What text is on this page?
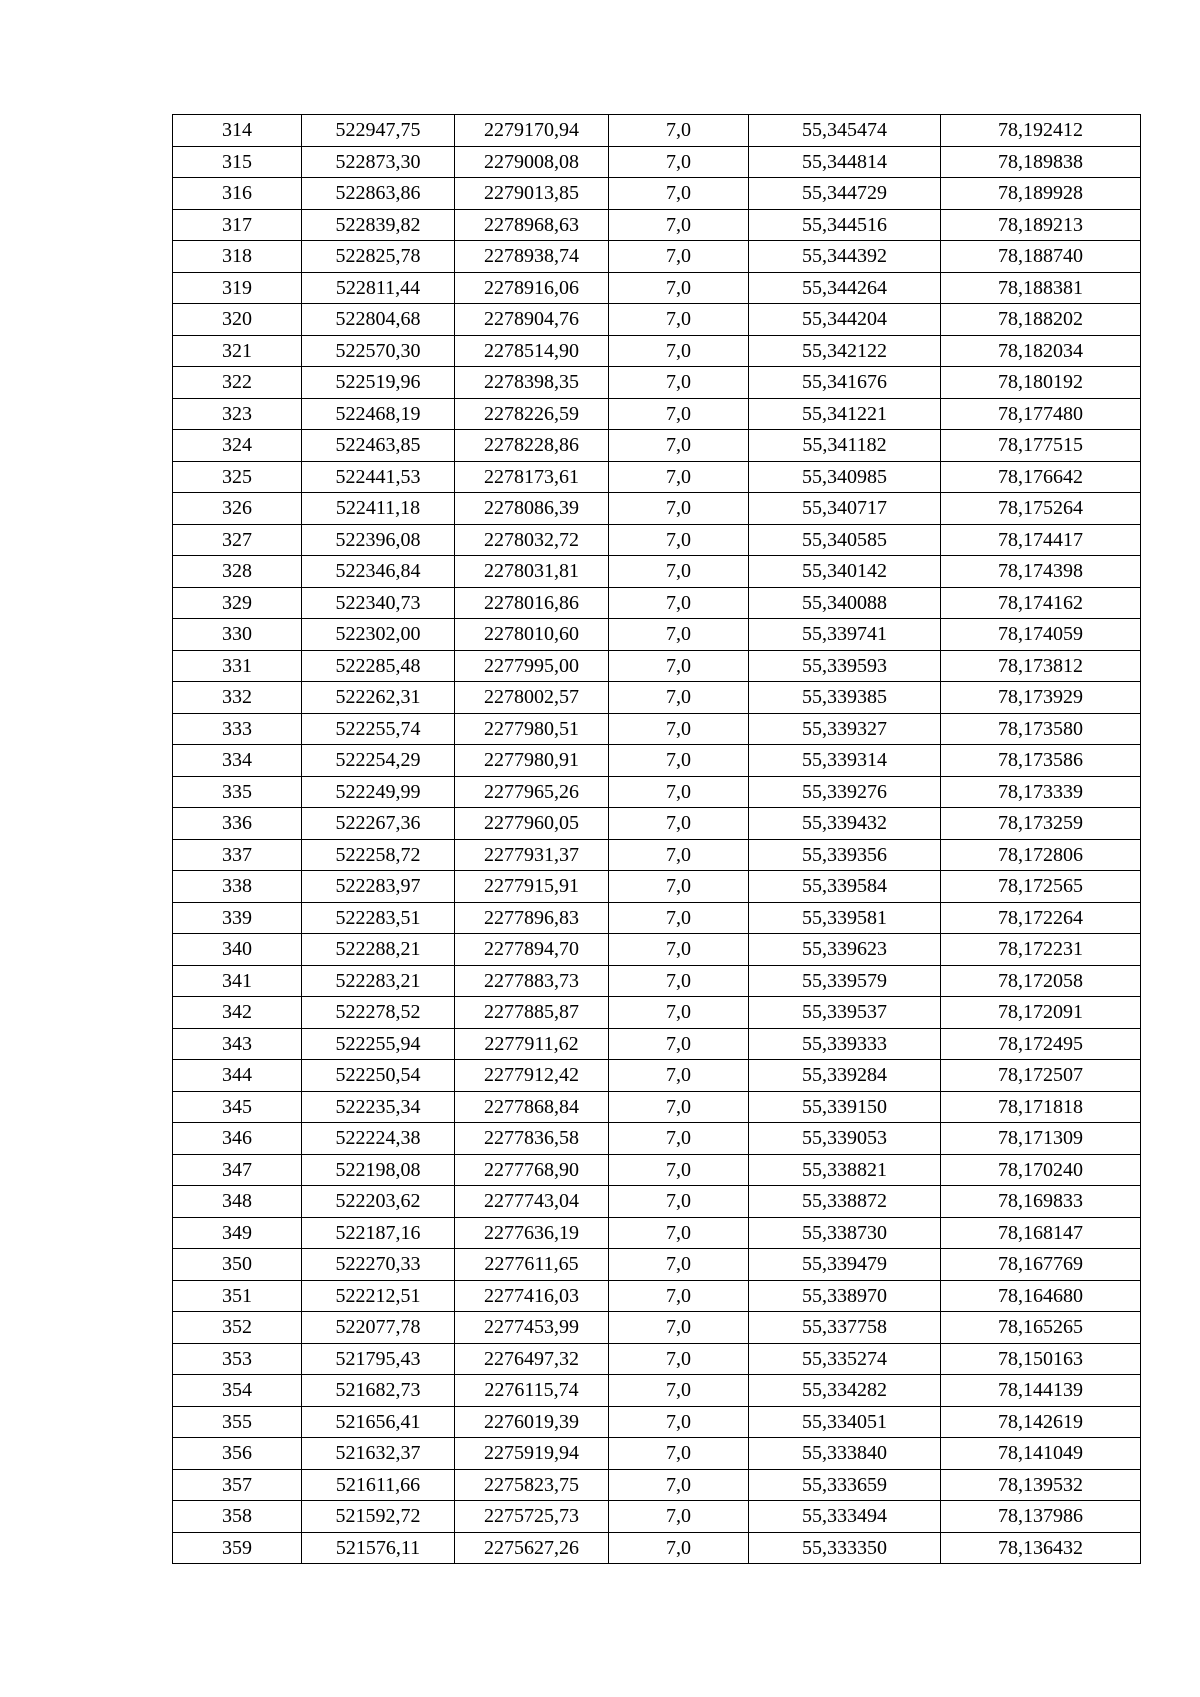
314	522947,75	2279170,94	7,0	55,345474	78,192412
315	522873,30	2279008,08	7,0	55,344814	78,189838
316	522863,86	2279013,85	7,0	55,344729	78,189928
317	522839,82	2278968,63	7,0	55,344516	78,189213
318	522825,78	2278938,74	7,0	55,344392	78,188740
319	522811,44	2278916,06	7,0	55,344264	78,188381
320	522804,68	2278904,76	7,0	55,344204	78,188202
321	522570,30	2278514,90	7,0	55,342122	78,182034
322	522519,96	2278398,35	7,0	55,341676	78,180192
323	522468,19	2278226,59	7,0	55,341221	78,177480
324	522463,85	2278228,86	7,0	55,341182	78,177515
325	522441,53	2278173,61	7,0	55,340985	78,176642
326	522411,18	2278086,39	7,0	55,340717	78,175264
327	522396,08	2278032,72	7,0	55,340585	78,174417
328	522346,84	2278031,81	7,0	55,340142	78,174398
329	522340,73	2278016,86	7,0	55,340088	78,174162
330	522302,00	2278010,60	7,0	55,339741	78,174059
331	522285,48	2277995,00	7,0	55,339593	78,173812
332	522262,31	2278002,57	7,0	55,339385	78,173929
333	522255,74	2277980,51	7,0	55,339327	78,173580
334	522254,29	2277980,91	7,0	55,339314	78,173586
335	522249,99	2277965,26	7,0	55,339276	78,173339
336	522267,36	2277960,05	7,0	55,339432	78,173259
337	522258,72	2277931,37	7,0	55,339356	78,172806
338	522283,97	2277915,91	7,0	55,339584	78,172565
339	522283,51	2277896,83	7,0	55,339581	78,172264
340	522288,21	2277894,70	7,0	55,339623	78,172231
341	522283,21	2277883,73	7,0	55,339579	78,172058
342	522278,52	2277885,87	7,0	55,339537	78,172091
343	522255,94	2277911,62	7,0	55,339333	78,172495
344	522250,54	2277912,42	7,0	55,339284	78,172507
345	522235,34	2277868,84	7,0	55,339150	78,171818
346	522224,38	2277836,58	7,0	55,339053	78,171309
347	522198,08	2277768,90	7,0	55,338821	78,170240
348	522203,62	2277743,04	7,0	55,338872	78,169833
349	522187,16	2277636,19	7,0	55,338730	78,168147
350	522270,33	2277611,65	7,0	55,339479	78,167769
351	522212,51	2277416,03	7,0	55,338970	78,164680
352	522077,78	2277453,99	7,0	55,337758	78,165265
353	521795,43	2276497,32	7,0	55,335274	78,150163
354	521682,73	2276115,74	7,0	55,334282	78,144139
355	521656,41	2276019,39	7,0	55,334051	78,142619
356	521632,37	2275919,94	7,0	55,333840	78,141049
357	521611,66	2275823,75	7,0	55,333659	78,139532
358	521592,72	2275725,73	7,0	55,333494	78,137986
359	521576,11	2275627,26	7,0	55,333350	78,136432
